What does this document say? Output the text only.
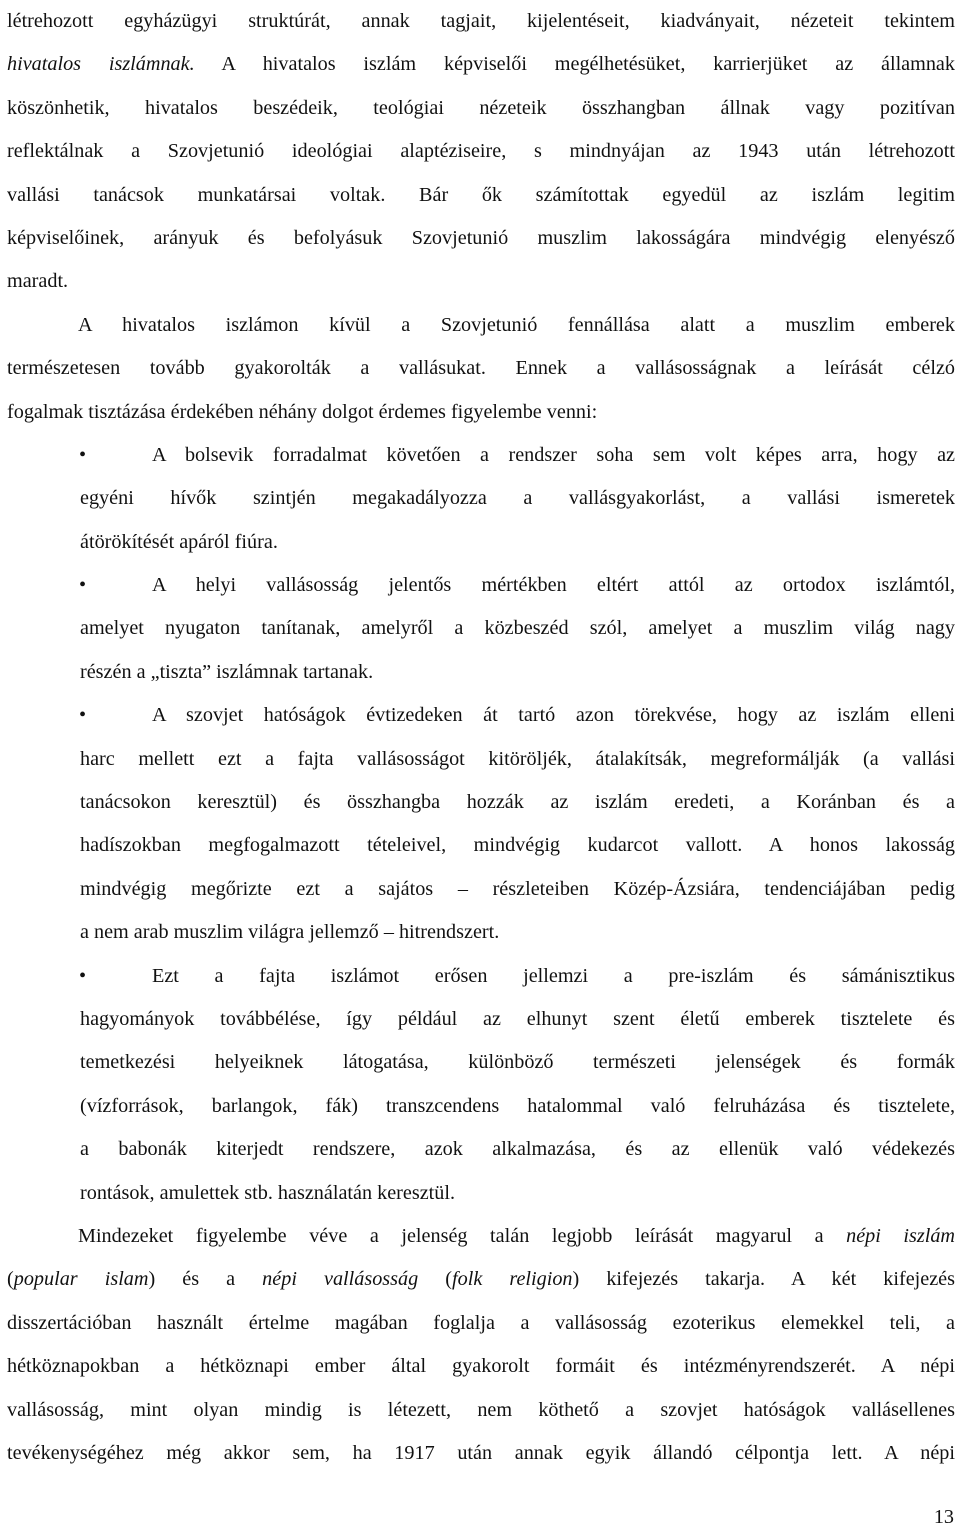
létrehozott egyházügyi struktúrát, annak tagjait, kijelentéseit, kiadványait, nézeteit tekintem
hivatalos iszlámnak. A hivatalos iszlám képviselői megélhetésüket, karrierjüket az államnak
köszönhetik, hivatalos beszédeik, teológiai nézeteik összhangban állnak vagy pozitívan
reflektálnak a Szovjetunió ideológiai alaptéziseire, s mindnyájan az 1943 után létrehozott
vallási tanácsok munkatársai voltak. Bár ők számítottak egyedül az iszlám legitim
képviselőinek, arányuk és befolyásuk Szovjetunió muszlim lakosságára mindvégig elenyésző
maradt.
A hivatalos iszlámon kívül a Szovjetunió fennállása alatt a muszlim emberek
természetesen tovább gyakorolták a vallásukat. Ennek a vallásosságnak a leírását célzó
fogalmak tisztázása érdekében néhány dolgot érdemes figyelembe venni:
•	A bolsevik forradalmat követően a rendszer soha sem volt képes arra, hogy az
egyéni hívők szintjén megakadályozza a vallásgyakorlást, a vallási ismeretek
átörökítését apáról fiúra.
•	A helyi vallásosság jelentős mértékben eltért attól az ortodox iszlámtól,
amelyet nyugaton tanítanak, amelyről a közbeszéd szól, amelyet a muszlim világ nagy
részén a „tiszta” iszlámnak tartanak.
•	A szovjet hatóságok évtizedeken át tartó azon törekvése, hogy az iszlám elleni
harc mellett ezt a fajta vallásosságot kitöröljék, átalakítsák, megreformálják (a vallási
tanácsokon keresztül) és összhangba hozzák az iszlám eredeti, a Koránban és a
hadíszokban megfogalmazott tételeivel, mindvégig kudarcot vallott. A honos lakosság
mindvégig megőrizte ezt a sajátos – részleteiben Közép-Ázsiára, tendenciájában pedig
a nem arab muszlim világra jellemző – hitrendszert.
•	Ezt a fajta iszlámot erősen jellemzi a pre-iszlám és sámánisztikus
hagyományok továbbélése, így például az elhunyt szent életű emberek tisztelete és
temetkezési helyeiknek látogatása, különböző természeti jelenségek és formák
(vízforrások, barlangok, fák) transzcendens hatalommal való felruházása és tisztelete,
a babonák kiterjedt rendszere, azok alkalmazása, és az ellenük való védekezés
rontások, amulettek stb. használatán keresztül.
Mindezeket figyelembe véve a jelenség talán legjobb leírását magyarul a népi iszlám
(popular islam) és a népi vallásosság (folk religion) kifejezés takarja. A két kifejezés
disszertációban használt értelme magában foglalja a vallásosság ezoterikus elemekkel teli, a
hétköznapokban a hétköznapi ember által gyakorolt formáit és intézményrendszerét. A népi
vallásosság, mint olyan mindig is létezett, nem köthető a szovjet hatóságok vallásellenes
tevékenységéhez még akkor sem, ha 1917 után annak egyik állandó célpontja lett. A népi
13
